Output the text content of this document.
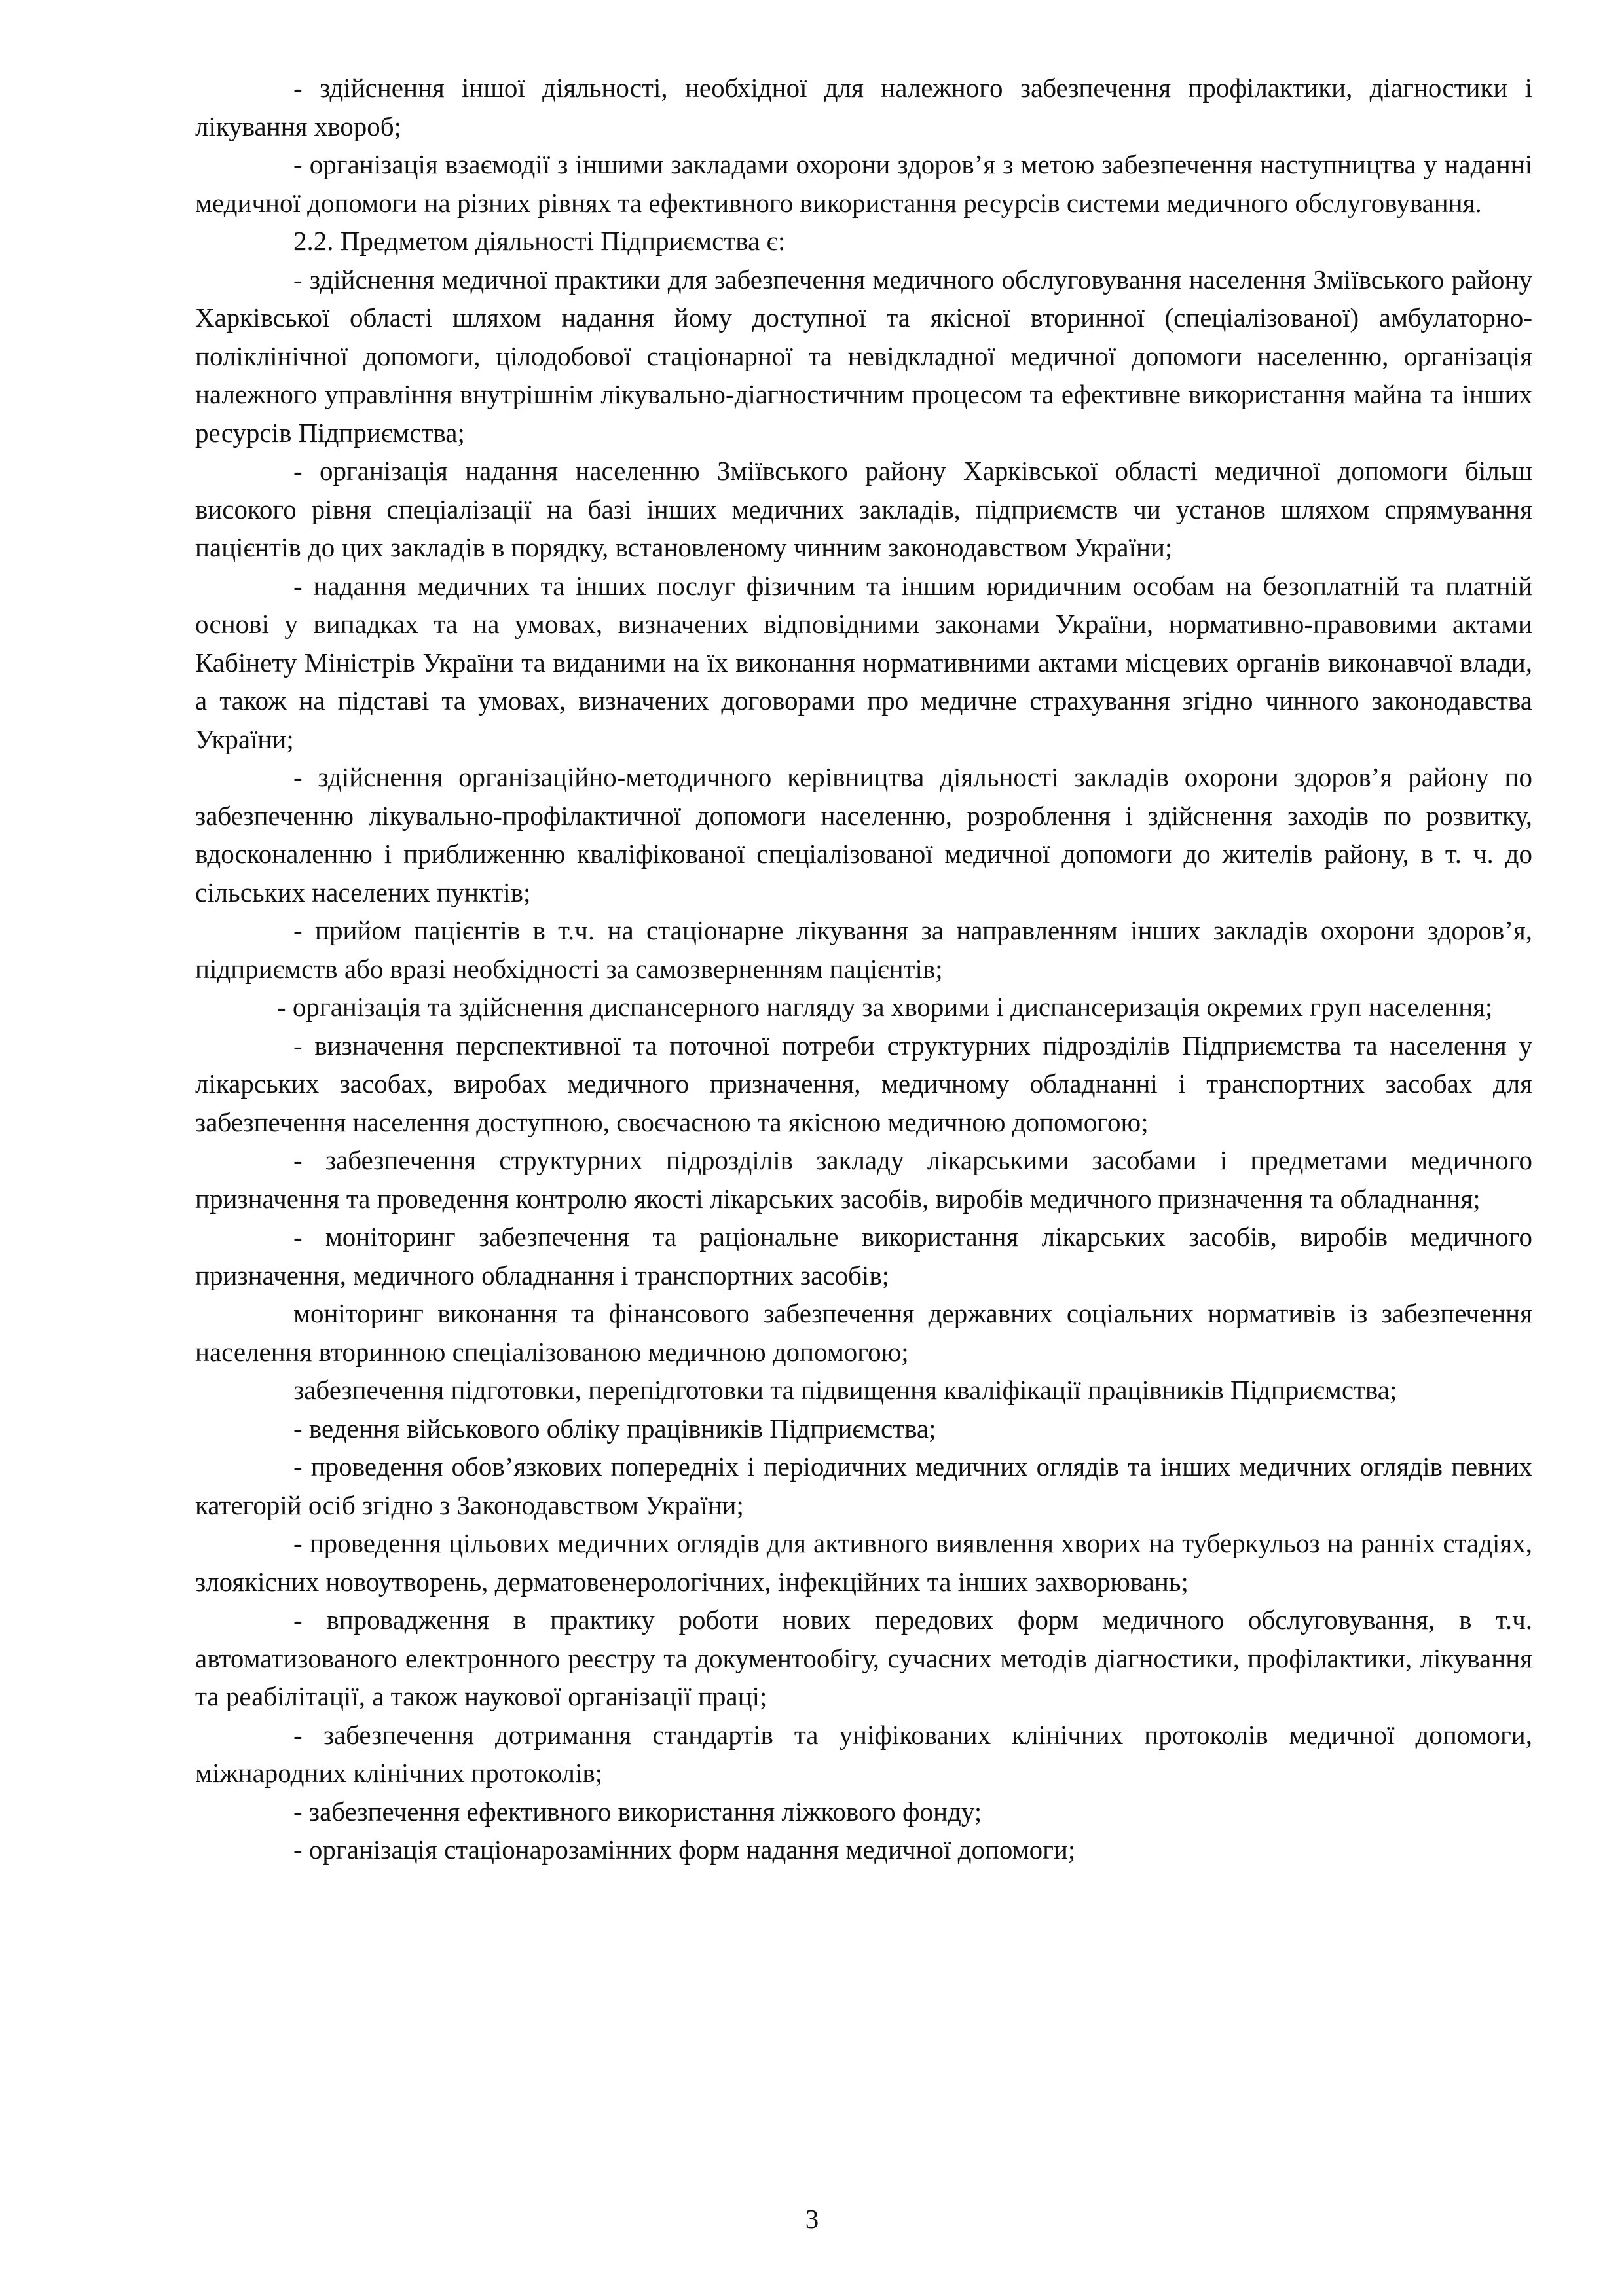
- здійснення іншої діяльності, необхідної для належного забезпечення профілактики, діагностики і лікування хвороб;

- організація взаємодії з іншими закладами охорони здоров’я з метою забезпечення наступництва у наданні медичної допомоги на різних рівнях та ефективного використання ресурсів системи медичного обслуговування.

2.2. Предметом діяльності Підприємства є:

- здійснення медичної практики для забезпечення медичного обслуговування населення Зміївського району Харківської області шляхом надання йому доступної та якісної вторинної (спеціалізованої) амбулаторно-поліклінічної допомоги, цілодобової стаціонарної та невідкладної медичної допомоги населенню, організація належного управління внутрішнім лікувально-діагностичним процесом та ефективне використання майна та інших ресурсів Підприємства;

- організація надання населенню Зміївського району Харківської області медичної допомоги більш високого рівня спеціалізації на базі інших медичних закладів, підприємств чи установ шляхом спрямування пацієнтів до цих закладів в порядку, встановленому чинним законодавством України;

- надання медичних та інших послуг фізичним та іншим юридичним особам на безоплатній та платній основі у випадках та на умовах, визначених відповідними законами України, нормативно-правовими актами Кабінету Міністрів України та виданими на їх виконання нормативними актами місцевих органів виконавчої влади, а також на підставі та умовах, визначених договорами про медичне страхування згідно чинного законодавства України;

- здійснення організаційно-методичного керівництва діяльності закладів охорони здоров’я району по забезпеченню лікувально-профілактичної допомоги населенню, розроблення і здійснення заходів по розвитку, вдосконаленню і приближенню кваліфікованої спеціалізованої медичної допомоги до жителів району, в т. ч. до сільських населених пунктів;

- прийом пацієнтів в т.ч. на стаціонарне лікування за направленням інших закладів охорони здоров’я, підприємств або вразі необхідності за самозверненням пацієнтів;

- організація та здійснення диспансерного нагляду за хворими і диспансеризація окремих груп населення;

- визначення перспективної та поточної потреби структурних підрозділів Підприємства та населення у лікарських засобах, виробах медичного призначення, медичному обладнанні і транспортних засобах для забезпечення населення доступною, своєчасною та якісною медичною допомогою;

- забезпечення структурних підрозділів закладу лікарськими засобами і предметами медичного призначення та проведення контролю якості лікарських засобів, виробів медичного призначення та обладнання;

- моніторинг забезпечення та раціональне використання лікарських засобів, виробів медичного призначення, медичного обладнання і транспортних засобів;

моніторинг виконання та фінансового забезпечення державних соціальних нормативів із забезпечення населення вторинною спеціалізованою медичною допомогою;

забезпечення підготовки, перепідготовки та підвищення кваліфікації працівників Підприємства;

- ведення військового обліку працівників Підприємства;

- проведення обов’язкових попередніх і періодичних медичних оглядів та інших медичних оглядів певних категорій осіб згідно з Законодавством України;

- проведення цільових медичних оглядів для активного виявлення хворих на туберкульоз на ранніх стадіях, злоякісних новоутворень, дерматовенерологічних, інфекційних та інших захворювань;

- впровадження в практику роботи нових передових форм медичного обслуговування, в т.ч. автоматизованого електронного реєстру та документообігу, сучасних методів діагностики, профілактики, лікування та реабілітації, а також наукової організації праці;

- забезпечення дотримання стандартів та уніфікованих клінічних протоколів медичної допомоги, міжнародних клінічних протоколів;

- забезпечення ефективного використання ліжкового фонду;

- організація стаціонарозамінних форм надання медичної допомоги;

3
